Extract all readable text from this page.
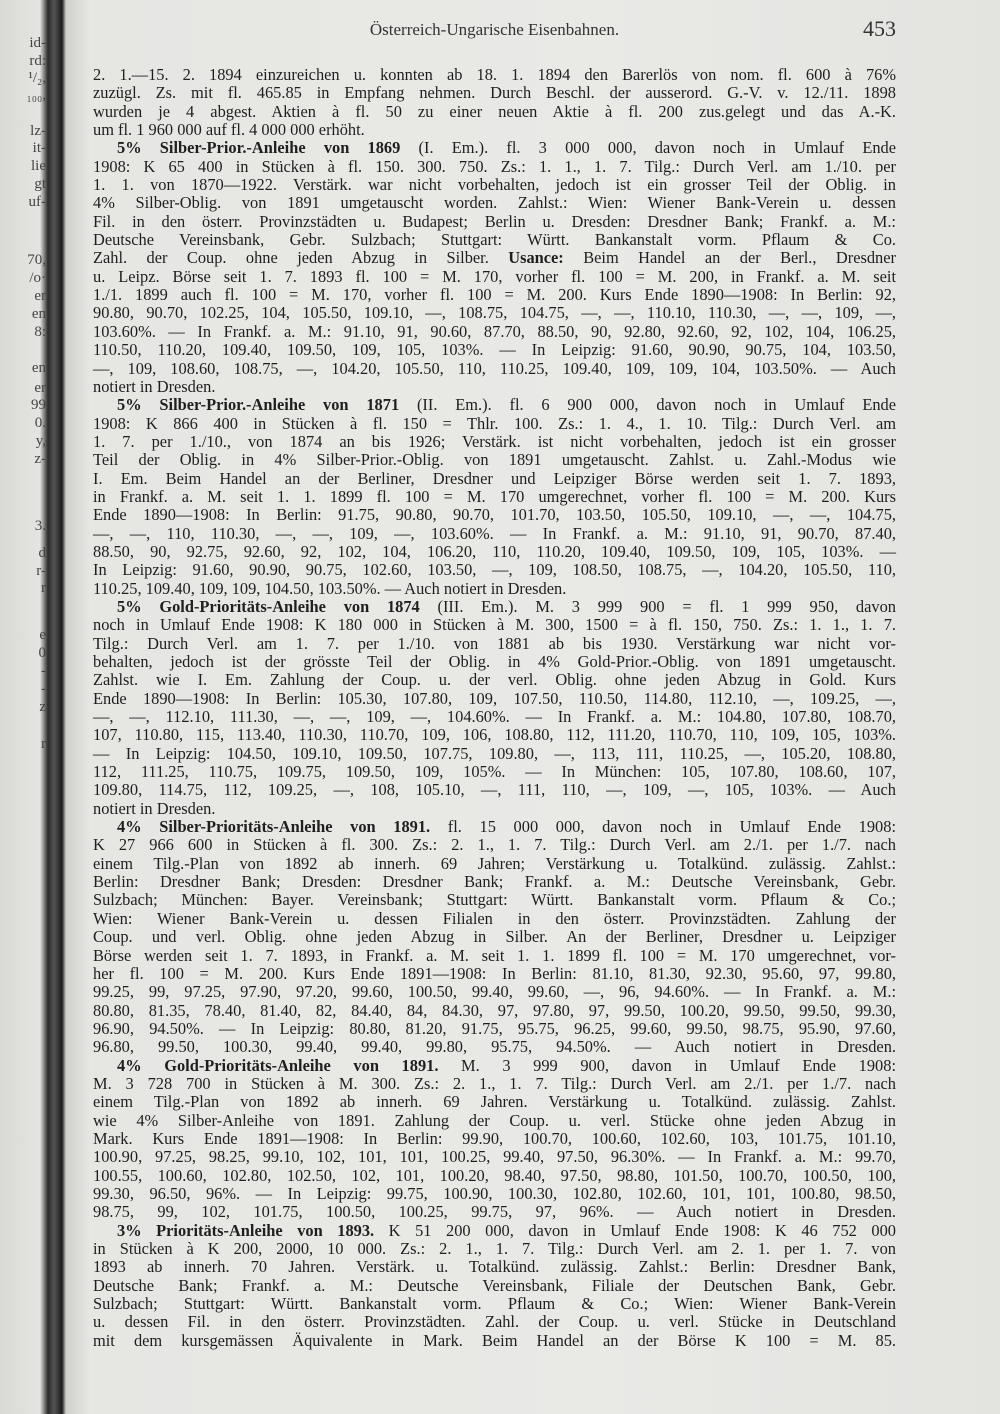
id-
rd:
¹/₂,
₁₀₀,
lz-
it-
lie
gt
uf-
70,
/o·
er
en
8:
en
er
99
0.
y,
z-
3.
d
r-
r
e
0
-
-
z
r
Österreich-Ungarische Eisenbahnen.	453
2. 1.—15. 2. 1894 einzureichen u. konnten ab 18. 1. 1894 den Barerlös von nom. fl. 600 à 76%
zuzügl. Zs. mit fl. 465.85 in Empfang nehmen. Durch Beschl. der ausserord. G.-V. v. 12./11. 1898
wurden je 4 abgest. Aktien à fl. 50 zu einer neuen Aktie à fl. 200 zus.gelegt und das A.-K.
um fl. 1 960 000 auf fl. 4 000 000 erhöht.
5% Silber-Prior.-Anleihe von 1869 (I. Em.). fl. 3 000 000, davon noch in Umlauf Ende
1908: K 65 400 in Stücken à fl. 150. 300. 750. Zs.: 1. 1., 1. 7. Tilg.: Durch Verl. am 1./10. per
1. 1. von 1870—1922. Verstärk. war nicht vorbehalten, jedoch ist ein grosser Teil der Oblig. in
4% Silber-Oblig. von 1891 umgetauscht worden. Zahlst.: Wien: Wiener Bank-Verein u. dessen
Fil. in den österr. Provinzstädten u. Budapest; Berlin u. Dresden: Dresdner Bank; Frankf. a. M.:
Deutsche Vereinsbank, Gebr. Sulzbach; Stuttgart: Württ. Bankanstalt vorm. Pflaum & Co.
Zahl. der Coup. ohne jeden Abzug in Silber. Usance: Beim Handel an der Berl., Dresdner
u. Leipz. Börse seit 1. 7. 1893 fl. 100 = M. 170, vorher fl. 100 = M. 200, in Frankf. a. M. seit
1./1. 1899 auch fl. 100 = M. 170, vorher fl. 100 = M. 200. Kurs Ende 1890—1908: In Berlin: 92,
90.80, 90.70, 102.25, 104, 105.50, 109.10, —, 108.75, 104.75, —, —, 110.10, 110.30, —, —, 109, —,
103.60%. — In Frankf. a. M.: 91.10, 91, 90.60, 87.70, 88.50, 90, 92.80, 92.60, 92, 102, 104, 106.25,
110.50, 110.20, 109.40, 109.50, 109, 105, 103%. — In Leipzig: 91.60, 90.90, 90.75, 104, 103.50,
—, 109, 108.60, 108.75, —, 104.20, 105.50, 110, 110.25, 109.40, 109, 109, 104, 103.50%. — Auch
notiert in Dresden.
5% Silber-Prior.-Anleihe von 1871 (II. Em.). fl. 6 900 000, davon noch in Umlauf Ende
1908: K 866 400 in Stücken à fl. 150 = Thlr. 100. Zs.: 1. 4., 1. 10. Tilg.: Durch Verl. am
1. 7. per 1./10., von 1874 an bis 1926; Verstärk. ist nicht vorbehalten, jedoch ist ein grosser
Teil der Oblig. in 4% Silber-Prior.-Oblig. von 1891 umgetauscht. Zahlst. u. Zahl.-Modus wie
I. Em. Beim Handel an der Berliner, Dresdner und Leipziger Börse werden seit 1. 7. 1893,
in Frankf. a. M. seit 1. 1. 1899 fl. 100 = M. 170 umgerechnet, vorher fl. 100 = M. 200. Kurs
Ende 1890—1908: In Berlin: 91.75, 90.80, 90.70, 101.70, 103.50, 105.50, 109.10, —, —, 104.75,
—, —, 110, 110.30, —, —, 109, —, 103.60%. — In Frankf. a. M.: 91.10, 91, 90.70, 87.40,
88.50, 90, 92.75, 92.60, 92, 102, 104, 106.20, 110, 110.20, 109.40, 109.50, 109, 105, 103%. —
In Leipzig: 91.60, 90.90, 90.75, 102.60, 103.50, —, 109, 108.50, 108.75, —, 104.20, 105.50, 110,
110.25, 109.40, 109, 109, 104.50, 103.50%. — Auch notiert in Dresden.
5% Gold-Prioritäts-Anleihe von 1874 (III. Em.). M. 3 999 900 = fl. 1 999 950, davon
noch in Umlauf Ende 1908: K 180 000 in Stücken à M. 300, 1500 = à fl. 150, 750. Zs.: 1. 1., 1. 7.
Tilg.: Durch Verl. am 1. 7. per 1./10. von 1881 ab bis 1930. Verstärkung war nicht vor-
behalten, jedoch ist der grösste Teil der Oblig. in 4% Gold-Prior.-Oblig. von 1891 umgetauscht.
Zahlst. wie I. Em. Zahlung der Coup. u. der verl. Oblig. ohne jeden Abzug in Gold. Kurs
Ende 1890—1908: In Berlin: 105.30, 107.80, 109, 107.50, 110.50, 114.80, 112.10, —, 109.25, —,
—, —, 112.10, 111.30, —, —, 109, —, 104.60%. — In Frankf. a. M.: 104.80, 107.80, 108.70,
107, 110.80, 115, 113.40, 110.30, 110.70, 109, 106, 108.80, 112, 111.20, 110.70, 110, 109, 105, 103%.
— In Leipzig: 104.50, 109.10, 109.50, 107.75, 109.80, —, 113, 111, 110.25, —, 105.20, 108.80,
112, 111.25, 110.75, 109.75, 109.50, 109, 105%. — In München: 105, 107.80, 108.60, 107,
109.80, 114.75, 112, 109.25, —, 108, 105.10, —, 111, 110, —, 109, —, 105, 103%. — Auch
notiert in Dresden.
4% Silber-Prioritäts-Anleihe von 1891. fl. 15 000 000, davon noch in Umlauf Ende 1908:
K 27 966 600 in Stücken à fl. 300. Zs.: 2. 1., 1. 7. Tilg.: Durch Verl. am 2./1. per 1./7. nach
einem Tilg.-Plan von 1892 ab innerh. 69 Jahren; Verstärkung u. Totalkünd. zulässig. Zahlst.:
Berlin: Dresdner Bank; Dresden: Dresdner Bank; Frankf. a. M.: Deutsche Vereinsbank, Gebr.
Sulzbach; München: Bayer. Vereinsbank; Stuttgart: Württ. Bankanstalt vorm. Pflaum & Co.;
Wien: Wiener Bank-Verein u. dessen Filialen in den österr. Provinzstädten. Zahlung der
Coup. und verl. Oblig. ohne jeden Abzug in Silber. An der Berliner, Dresdner u. Leipziger
Börse werden seit 1. 7. 1893, in Frankf. a. M. seit 1. 1. 1899 fl. 100 = M. 170 umgerechnet, vor-
her fl. 100 = M. 200. Kurs Ende 1891—1908: In Berlin: 81.10, 81.30, 92.30, 95.60, 97, 99.80,
99.25, 99, 97.25, 97.90, 97.20, 99.60, 100.50, 99.40, 99.60, —, 96, 94.60%. — In Frankf. a. M.:
80.80, 81.35, 78.40, 81.40, 82, 84.40, 84, 84.30, 97, 97.80, 97, 99.50, 100.20, 99.50, 99.50, 99.30,
96.90, 94.50%. — In Leipzig: 80.80, 81.20, 91.75, 95.75, 96.25, 99.60, 99.50, 98.75, 95.90, 97.60,
96.80, 99.50, 100.30, 99.40, 99.40, 99.80, 95.75, 94.50%. — Auch notiert in Dresden.
4% Gold-Prioritäts-Anleihe von 1891. M. 3 999 900, davon in Umlauf Ende 1908:
M. 3 728 700 in Stücken à M. 300. Zs.: 2. 1., 1. 7. Tilg.: Durch Verl. am 2./1. per 1./7. nach
einem Tilg.-Plan von 1892 ab innerh. 69 Jahren. Verstärkung u. Totalkünd. zulässig. Zahlst.
wie 4% Silber-Anleihe von 1891. Zahlung der Coup. u. verl. Stücke ohne jeden Abzug in
Mark. Kurs Ende 1891—1908: In Berlin: 99.90, 100.70, 100.60, 102.60, 103, 101.75, 101.10,
100.90, 97.25, 98.25, 99.10, 102, 101, 101, 100.25, 99.40, 97.50, 96.30%. — In Frankf. a. M.: 99.70,
100.55, 100.60, 102.80, 102.50, 102, 101, 100.20, 98.40, 97.50, 98.80, 101.50, 100.70, 100.50, 100,
99.30, 96.50, 96%. — In Leipzig: 99.75, 100.90, 100.30, 102.80, 102.60, 101, 101, 100.80, 98.50,
98.75, 99, 102, 101.75, 100.50, 100.25, 99.75, 97, 96%. — Auch notiert in Dresden.
3% Prioritäts-Anleihe von 1893. K 51 200 000, davon in Umlauf Ende 1908: K 46 752 000
in Stücken à K 200, 2000, 10 000. Zs.: 2. 1., 1. 7. Tilg.: Durch Verl. am 2. 1. per 1. 7. von
1893 ab innerh. 70 Jahren. Verstärk. u. Totalkünd. zulässig. Zahlst.: Berlin: Dresdner Bank,
Deutsche Bank; Frankf. a. M.: Deutsche Vereinsbank, Filiale der Deutschen Bank, Gebr.
Sulzbach; Stuttgart: Württ. Bankanstalt vorm. Pflaum & Co.; Wien: Wiener Bank-Verein
u. dessen Fil. in den österr. Provinzstädten. Zahl. der Coup. u. verl. Stücke in Deutschland
mit dem kursgemässen Äquivalente in Mark. Beim Handel an der Börse K 100 = M. 85.
